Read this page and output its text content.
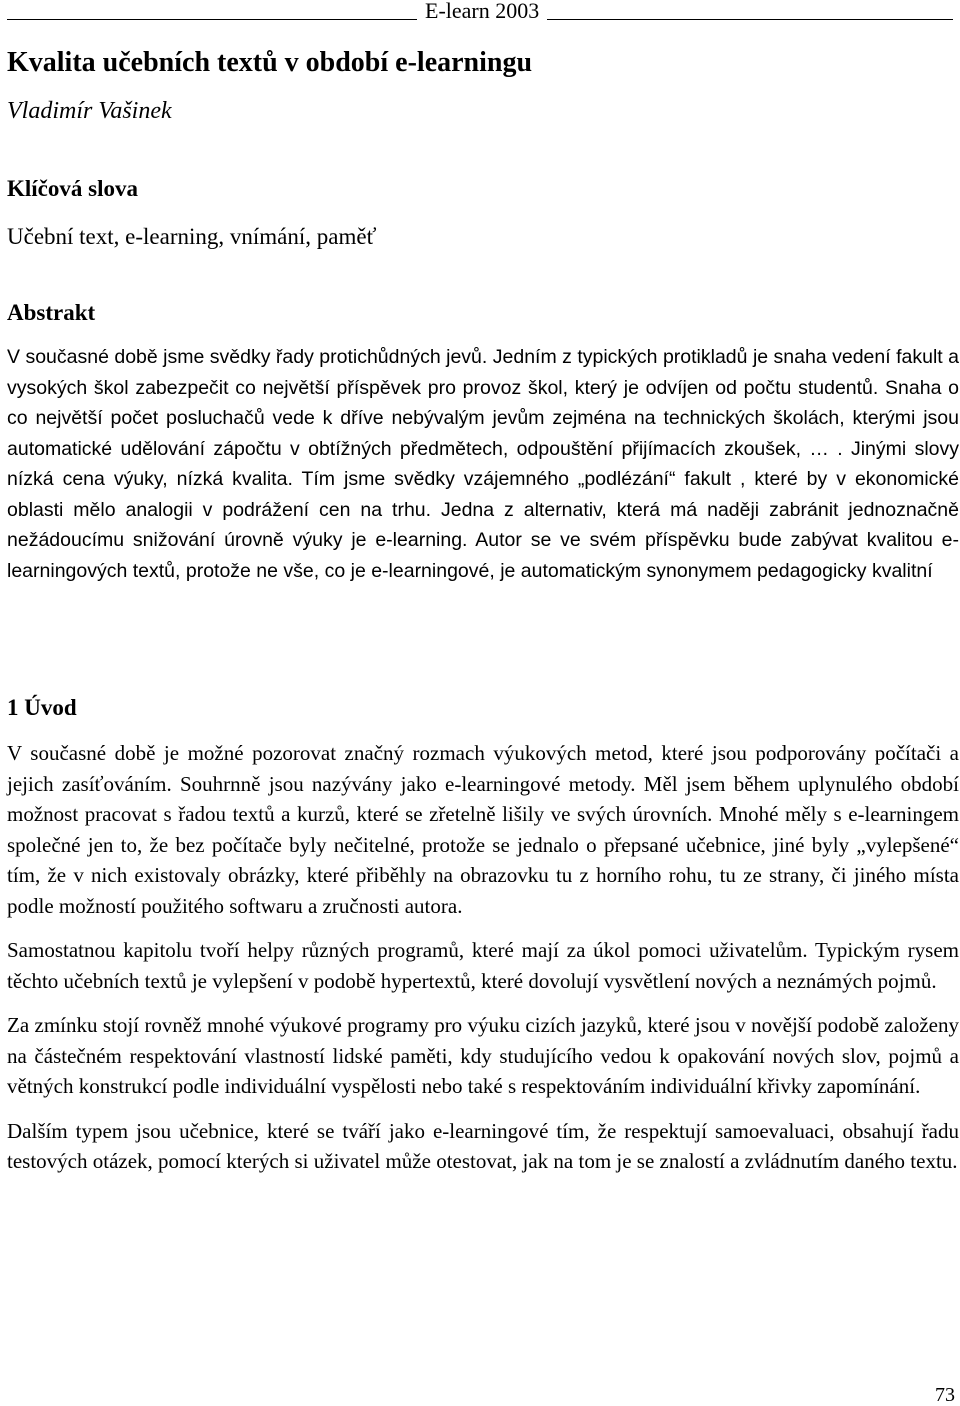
E-learn 2003
Kvalita učebních textů v období e-learningu

Vladimír Vašinek

Klíčová slova

Učební text, e-learning, vnímání, paměť

Abstrakt

V současné době jsme svědky řady protichůdných jevů. Jedním z typických protikladů je snaha vedení fakult a vysokých škol zabezpečit co největší příspěvek pro provoz škol, který je odvíjen od počtu studentů. Snaha o co největší počet posluchačů vede k dříve nebývalým jevům zejména na technických školách, kterými jsou automatické udělování zápočtu v obtížných předmětech, odpouštění přijímacích zkoušek, … . Jinými slovy nízká cena výuky, nízká kvalita. Tím jsme svědky vzájemného „podlézání“ fakult , které by v ekonomické oblasti mělo analogii v podrážení cen na trhu. Jedna z alternativ, která má naději zabránit jednoznačně nežádoucímu snižování úrovně výuky je e-learning. Autor se ve svém příspěvku bude zabývat kvalitou e-learningových textů, protože ne vše, co je e-learningové, je automatickým synonymem pedagogicky kvalitní

1 Úvod

V současné době je možné pozorovat značný rozmach výukových metod, které jsou podporovány počítači a jejich zasíťováním. Souhrnně jsou nazývány jako e-learningové metody. Měl jsem během uplynulého období možnost pracovat s řadou textů a kurzů, které se zřetelně lišily ve svých úrovních. Mnohé měly s e-learningem společné jen to, že bez počítače byly nečitelné, protože se jednalo o přepsané učebnice, jiné byly „vylepšené“ tím, že v nich existovaly obrázky, které přiběhly na obrazovku tu z horního rohu, tu ze strany, či jiného místa podle možností použitého softwaru a zručnosti autora.

Samostatnou kapitolu tvoří helpy různých programů, které mají za úkol pomoci uživatelům. Typickým rysem těchto učebních textů je vylepšení v podobě hypertextů, které dovolují vysvětlení nových a neznámých pojmů.

Za zmínku stojí rovněž mnohé výukové programy pro výuku cizích jazyků, které jsou v novější podobě založeny na částečném respektování vlastností lidské paměti, kdy studujícího vedou k opakování nových slov, pojmů a větných konstrukcí podle individuální vyspělosti nebo také s respektováním individuální křivky zapomínání.

Dalším typem jsou učebnice, které se tváří jako e-learningové tím, že respektují samoevaluaci, obsahují řadu testových otázek, pomocí kterých si uživatel může otestovat, jak na tom je se znalostí a zvládnutím daného textu.

73
